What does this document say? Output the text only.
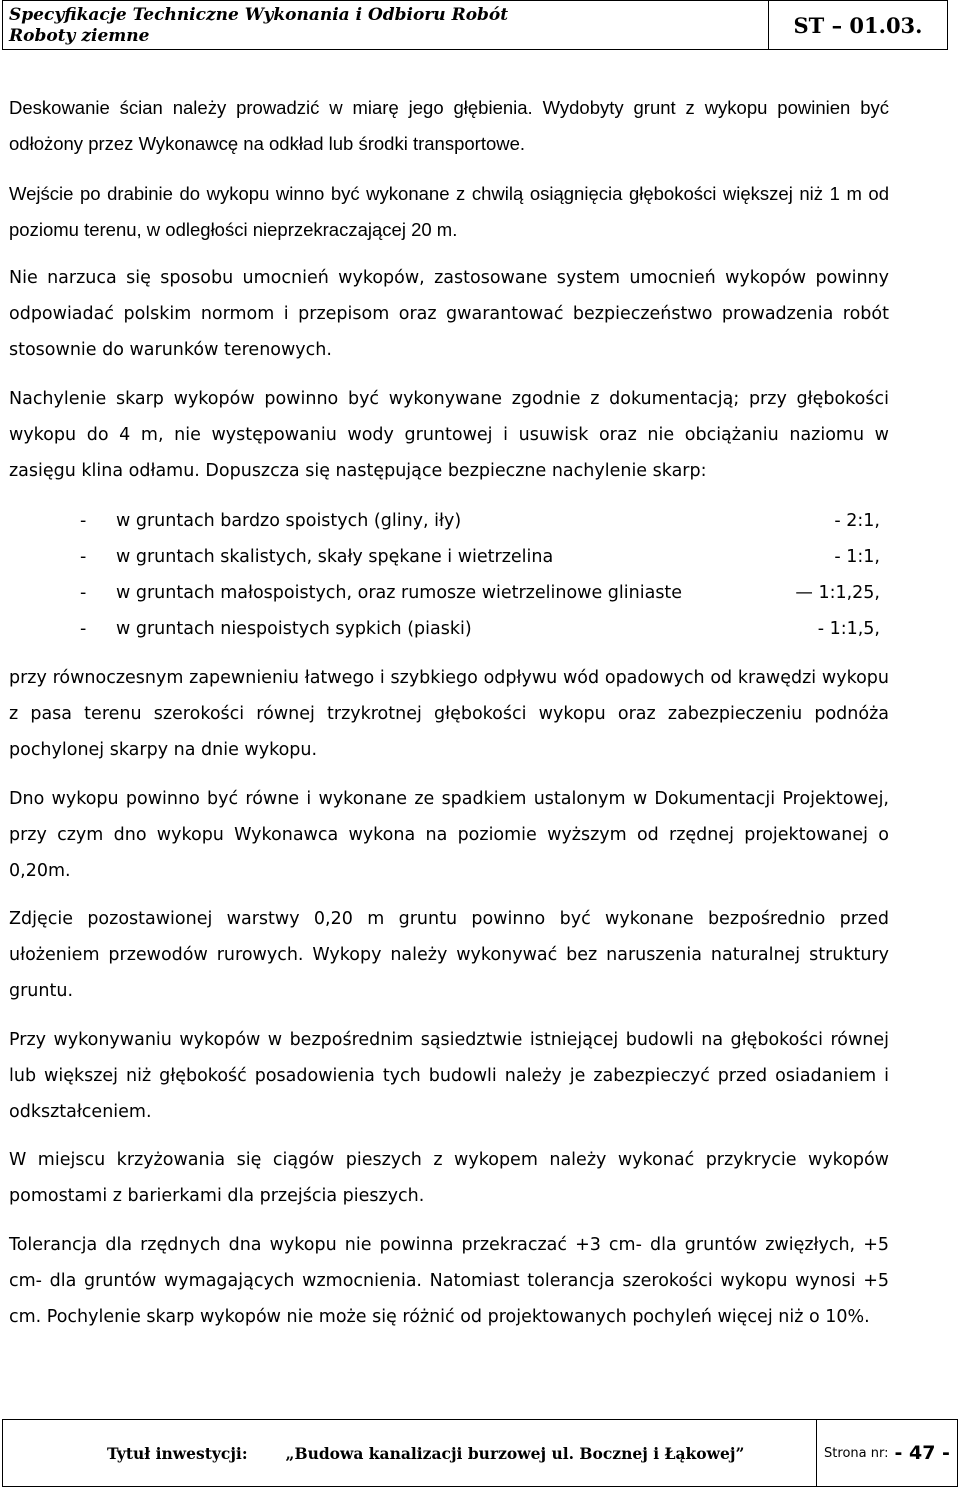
Specyfikacje Techniczne Wykonania i Odbioru Robót
Roboty ziemne	ST – 01.03.

Deskowanie ścian należy prowadzić w miarę jego głębienia. Wydobyty grunt z wykopu powinien być odłożony przez Wykonawcę na odkład lub środki transportowe.

Wejście po drabinie do wykopu winno być wykonane z chwilą osiągnięcia głębokości większej niż 1 m od poziomu terenu, w odległości nieprzekraczającej 20 m.

Nie narzuca się sposobu umocnień wykopów, zastosowane system umocnień wykopów powinny odpowiadać polskim normom i przepisom oraz gwarantować bezpieczeństwo prowadzenia robót stosownie do warunków terenowych.

Nachylenie skarp wykopów powinno być wykonywane zgodnie z dokumentacją; przy głębokości wykopu do 4 m, nie występowaniu wody gruntowej i usuwisk oraz nie obciążaniu naziomu w zasięgu klina odłamu. Dopuszcza się następujące bezpieczne nachylenie skarp:

- w gruntach bardzo spoistych (gliny, iły)	- 2:1,
- w gruntach skalistych, skały spękane i wietrzelina	- 1:1,
- w gruntach małospoistych, oraz rumosze wietrzelinowe gliniaste	— 1:1,25,
- w gruntach niespoistych sypkich (piaski)	- 1:1,5,

przy równoczesnym zapewnieniu łatwego i szybkiego odpływu wód opadowych od krawędzi wykopu z pasa terenu szerokości równej trzykrotnej głębokości wykopu oraz zabezpieczeniu podnóża pochylonej skarpy na dnie wykopu.

Dno wykopu powinno być równe i wykonane ze spadkiem ustalonym w Dokumentacji Projektowej, przy czym dno wykopu Wykonawca wykona na poziomie wyższym od rzędnej projektowanej o 0,20m.

Zdjęcie pozostawionej warstwy 0,20 m gruntu powinno być wykonane bezpośrednio przed ułożeniem przewodów rurowych. Wykopy należy wykonywać bez naruszenia naturalnej struktury gruntu.

Przy wykonywaniu wykopów w bezpośrednim sąsiedztwie istniejącej budowli na głębokości równej lub większej niż głębokość posadowienia tych budowli należy je zabezpieczyć przed osiadaniem i odkształceniem.

W miejscu krzyżowania się ciągów pieszych z wykopem należy wykonać przykrycie wykopów pomostami z barierkami dla przejścia pieszych.

Tolerancja dla rzędnych dna wykopu nie powinna przekraczać +3 cm- dla gruntów zwięzłych, +5 cm- dla gruntów wymagających wzmocnienia. Natomiast tolerancja szerokości wykopu wynosi +5 cm. Pochylenie skarp wykopów nie może się różnić od projektowanych pochyleń więcej niż o 10%.

Tytuł inwestycji: „Budowa kanalizacji burzowej ul. Bocznej i Łąkowej”	Strona nr: - 47 -
